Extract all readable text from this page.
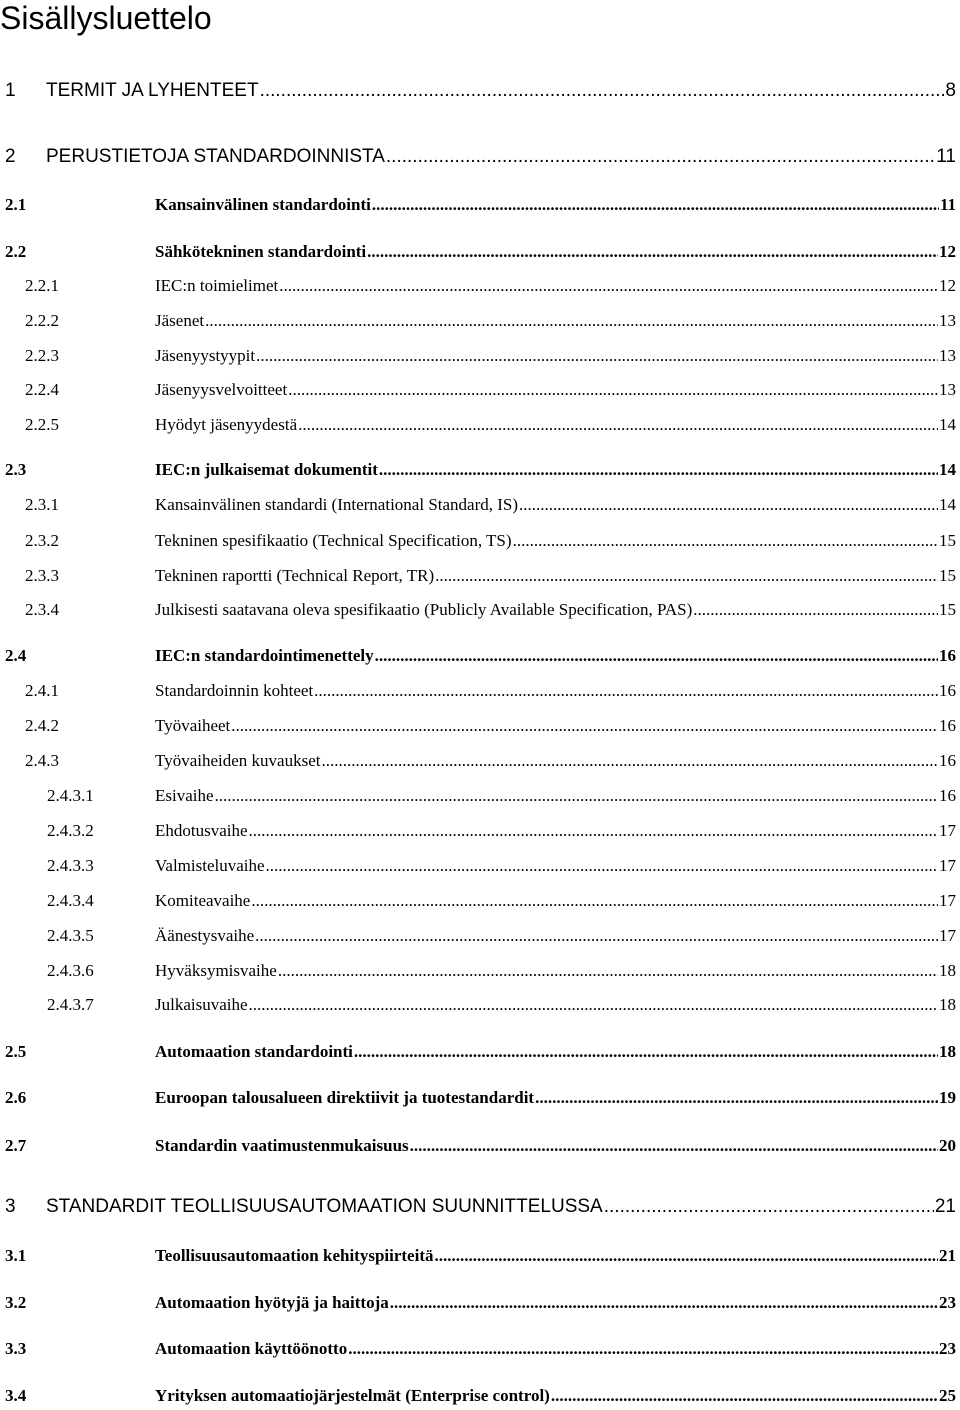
Sisällysluettelo
1	TERMIT JA LYHENTEET .....	8
2	PERUSTIETOJA STANDARDOINNISTA .....	11
2.1	Kansainvälinen standardointi .....	11
2.2	Sähkötekninen standardointi .....	12
2.2.1	IEC:n toimielimet .....	12
2.2.2	Jäsenet .....	13
2.2.3	Jäsenyystyypit .....	13
2.2.4	Jäsenyysvelvoitteet .....	13
2.2.5	Hyödyt jäsenyydestä .....	14
2.3	IEC:n julkaisemat dokumentit .....	14
2.3.1	Kansainvälinen standardi (International Standard, IS) .....	14
2.3.2	Tekninen spesifikaatio (Technical Specification, TS) .....	15
2.3.3	Tekninen raportti (Technical Report, TR) .....	15
2.3.4	Julkisesti saatavana oleva spesifikaatio (Publicly Available Specification, PAS) .....	15
2.4	IEC:n standardointimenettely .....	16
2.4.1	Standardoinnin kohteet .....	16
2.4.2	Työvaiheet .....	16
2.4.3	Työvaiheiden kuvaukset .....	16
2.4.3.1	Esivaihe .....	16
2.4.3.2	Ehdotusvaihe .....	17
2.4.3.3	Valmisteluvaihe .....	17
2.4.3.4	Komiteavaihe .....	17
2.4.3.5	Äänestysvaihe .....	17
2.4.3.6	Hyväksymisvaihe .....	18
2.4.3.7	Julkaisuvaihe .....	18
2.5	Automaation standardointi .....	18
2.6	Euroopan talousalueen direktiivit ja tuotestandardit .....	19
2.7	Standardin vaatimustenmukaisuus .....	20
3	STANDARDIT TEOLLISUUSAUTOMAATION SUUNNITTELUSSA .....	21
3.1	Teollisuusautomaation kehityspiirteitä .....	21
3.2	Automaation hyötyjä ja haittoja .....	23
3.3	Automaation käyttöönotto .....	23
3.4	Yrityksen automaatiojärjestelmät (Enterprise control) .....	25
